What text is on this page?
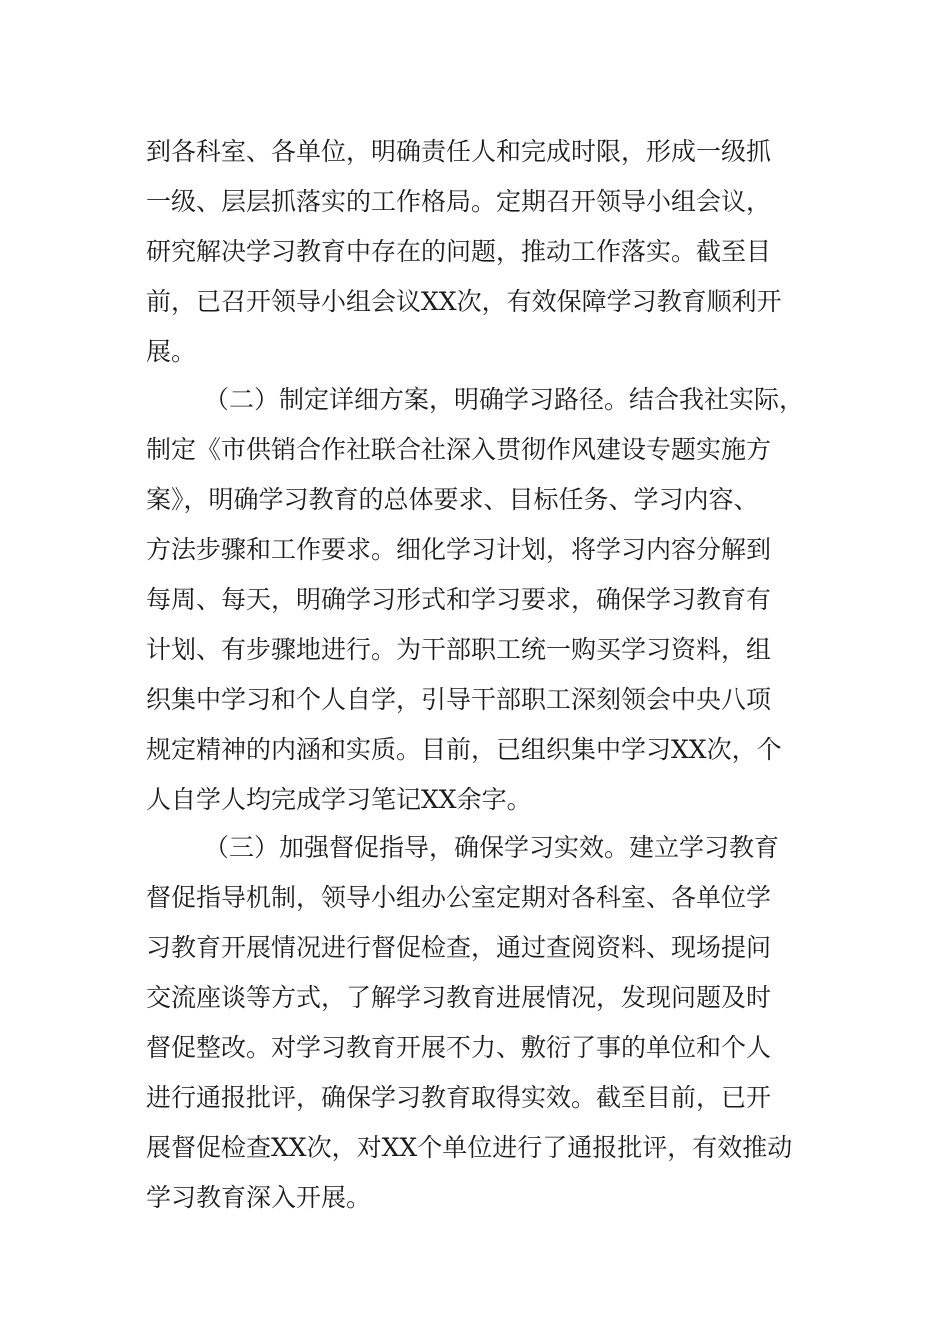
到各科室、各单位，明确责任人和完成时限，形成一级抓

一级、层层抓落实的工作格局。定期召开领导小组会议，

研究解决学习教育中存在的问题，推动工作落实。截至目

前，已召开领导小组会议XX次，有效保障学习教育顺利开

展。

（二）制定详细方案，明确学习路径。结合我社实际，

制定《市供销合作社联合社深入贯彻作风建设专题实施方

案》，明确学习教育的总体要求、目标任务、学习内容、

方法步骤和工作要求。细化学习计划，将学习内容分解到

每周、每天，明确学习形式和学习要求，确保学习教育有

计划、有步骤地进行。为干部职工统一购买学习资料，组

织集中学习和个人自学，引导干部职工深刻领会中央八项

规定精神的内涵和实质。目前，已组织集中学习XX次，个

人自学人均完成学习笔记XX余字。

（三）加强督促指导，确保学习实效。建立学习教育

督促指导机制，领导小组办公室定期对各科室、各单位学

习教育开展情况进行督促检查，通过查阅资料、现场提问

交流座谈等方式，了解学习教育进展情况，发现问题及时

督促整改。对学习教育开展不力、敷衍了事的单位和个人

进行通报批评，确保学习教育取得实效。截至目前，已开

展督促检查XX次，对XX个单位进行了通报批评，有效推动

学习教育深入开展。
